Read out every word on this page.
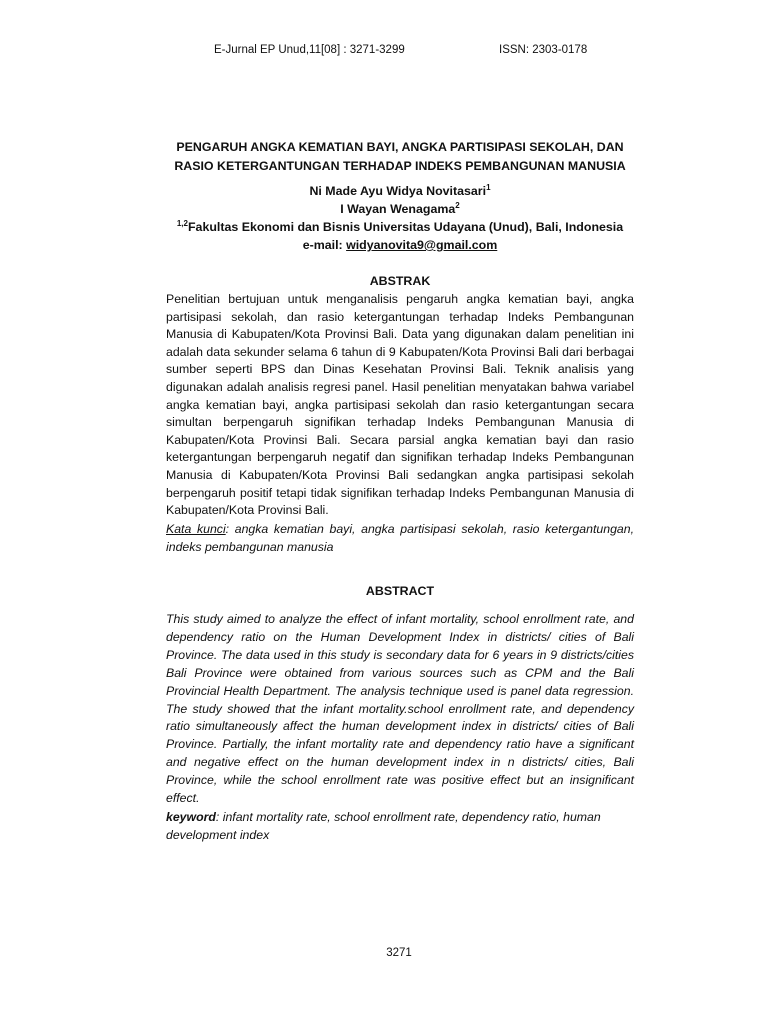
E-Jurnal EP Unud,11[08] : 3271-3299	ISSN: 2303-0178
PENGARUH ANGKA KEMATIAN BAYI, ANGKA PARTISIPASI SEKOLAH, DAN
RASIO KETERGANTUNGAN TERHADAP INDEKS PEMBANGUNAN MANUSIA
Ni Made Ayu Widya Novitasari$^1$
I Wayan Wenagama$^2$
$^{1,2}$Fakultas Ekonomi dan Bisnis Universitas Udayana (Unud), Bali, Indonesia
e-mail: widyanovita9@gmail.com
ABSTRAK
Penelitian bertujuan untuk menganalisis pengaruh angka kematian bayi, angka partisipasi sekolah, dan rasio ketergantungan terhadap Indeks Pembangunan Manusia di Kabupaten/Kota Provinsi Bali. Data yang digunakan dalam penelitian ini adalah data sekunder selama 6 tahun di 9 Kabupaten/Kota Provinsi Bali dari berbagai sumber seperti BPS dan Dinas Kesehatan Provinsi Bali. Teknik analisis yang digunakan adalah analisis regresi panel. Hasil penelitian menyatakan bahwa variabel angka kematian bayi, angka partisipasi sekolah dan rasio ketergantungan secara simultan berpengaruh signifikan terhadap Indeks Pembangunan Manusia di Kabupaten/Kota Provinsi Bali. Secara parsial angka kematian bayi dan rasio ketergantungan berpengaruh negatif dan signifikan terhadap Indeks Pembangunan Manusia di Kabupaten/Kota Provinsi Bali sedangkan angka partisipasi sekolah berpengaruh positif tetapi tidak signifikan terhadap Indeks Pembangunan Manusia di Kabupaten/Kota Provinsi Bali.
Kata kunci: angka kematian bayi, angka partisipasi sekolah, rasio ketergantungan, indeks pembangunan manusia
ABSTRACT
This study aimed to analyze the effect of infant mortality, school enrollment rate, and dependency ratio on the Human Development Index in districts/ cities of Bali Province. The data used in this study is secondary data for 6 years in 9 districts/cities Bali Province were obtained from various sources such as CPM and the Bali Provincial Health Department. The analysis technique used is panel data regression. The study showed that the infant mortality.school enrollment rate, and dependency ratio simultaneously affect the human development index in districts/ cities of Bali Province. Partially, the infant mortality rate and dependency ratio have a significant and negative effect on the human development index in n districts/ cities, Bali Province, while the school enrollment rate was positive effect but an insignificant effect.
keyword: infant mortality rate, school enrollment rate, dependency ratio, human development index
3271
